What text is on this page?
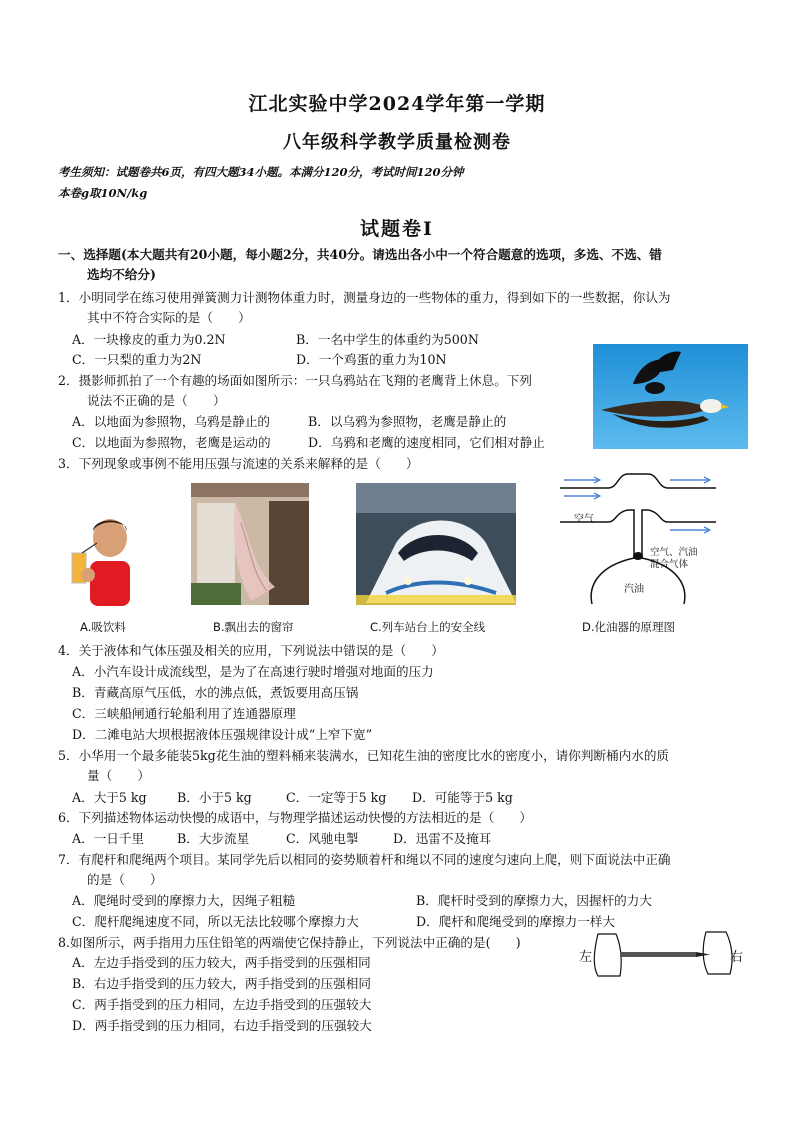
江北实验中学2024学年第一学期
八年级科学教学质量检测卷
考生须知：试题卷共6页，有四大题34小题。本满分120分，考试时间120分钟
本卷g取10N/kg
试题卷Ⅰ
一、选择题(本大题共有20小题，每小题2分，共40分。请选出各小中一个符合题意的选项，多选、不选、错
选均不给分)
1．小明同学在练习使用弹簧测力计测物体重力时，测量身边的一些物体的重力，得到如下的一些数据，你认为
其中不符合实际的是（　　）
A．一块橡皮的重力为0.2N	B．一名中学生的体重约为500N
C．一只梨的重力为2N	D．一个鸡蛋的重力为10N
2．摄影师抓拍了一个有趣的场面如图所示：一只乌鸦站在飞翔的老鹰背上休息。下列
说法不正确的是（　　）
A．以地面为参照物，乌鸦是静止的	B．以乌鸦为参照物，老鹰是静止的
C．以地面为参照物，老鹰是运动的	D．乌鸦和老鹰的速度相同，它们相对静止
3．下列现象或事例不能用压强与流速的关系来解释的是（　　）
A.吸饮料	B.飘出去的窗帘	C.列车站台上的安全线
空气
空气、汽油
混合气体
汽油
D.化油器的原理图
4．关于液体和气体压强及相关的应用，下列说法中错误的是（　　）
A．小汽车设计成流线型，是为了在高速行驶时增强对地面的压力
B．青藏高原气压低，水的沸点低，煮饭要用高压锅
C．三峡船闸通行轮船利用了连通器原理
D．二滩电站大坝根据液体压强规律设计成“上窄下宽”
5．小华用一个最多能装5kg花生油的塑料桶来装满水，已知花生油的密度比水的密度小，请你判断桶内水的质
量（　　）
A．大于5 kg B．小于5 kg	C．一定等于5 kg D．可能等于5 kg
6．下列描述物体运动快慢的成语中，与物理学描述运动快慢的方法相近的是（　　）
A．一日千里	B．大步流星	C．风驰电掣	D．迅雷不及掩耳
7．有爬杆和爬绳两个项目。某同学先后以相同的姿势顺着杆和绳以不同的速度匀速向上爬，则下面说法中正确
的是（　　）
A．爬绳时受到的摩擦力大，因绳子粗糙	B．爬杆时受到的摩擦力大，因握杆的力大
C．爬杆爬绳速度不同，所以无法比较哪个摩擦力大	D．爬杆和爬绳受到的摩擦力一样大
8.如图所示，两手指用力压住铅笔的两端使它保持静止，下列说法中正确的是(　　)
A．左边手指受到的压力较大，两手指受到的压强相同
B．右边手指受到的压力较大，两手指受到的压强相同
C．两手指受到的压力相同，左边手指受到的压强较大
D．两手指受到的压力相同，右边手指受到的压强较大
左	右
